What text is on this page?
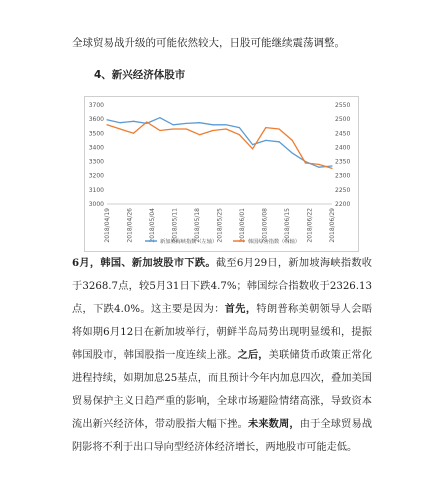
全球贸易战升级的可能依然较大，日股可能继续震荡调整。
4、新兴经济体股市
3700
3600
3500
3400
3300
3200
3100
3000
2550
2500
2450
2400
2350
2300
2250
2200
2018/04/19	2018/04/26	2018/05/04	2018/05/11	2018/05/18	2018/05/25	2018/06/01	2018/06/08	2018/06/15	2018/06/22	2018/06/29
新加坡海峡指数（左轴）	韩国综合指数（右轴）
6月，韩国、新加坡股市下跌。截至6月29日，新加坡海峡指数收于3268.7点，较5月31日下跌4.7%；韩国综合指数收于2326.13点，下跌4.0%。这主要是因为：首先，特朗普称美朝领导人会晤将如期6月12日在新加坡举行，朝鲜半岛局势出现明显缓和，提振韩国股市，韩国股指一度连续上涨。之后，美联储货币政策正常化进程持续，如期加息25基点，而且预计今年内加息四次，叠加美国贸易保护主义日趋严重的影响，全球市场避险情绪高涨，导致资本流出新兴经济体，带动股指大幅下挫。未来数周，由于全球贸易战阴影将不利于出口导向型经济体经济增长，两地股市可能走低。
